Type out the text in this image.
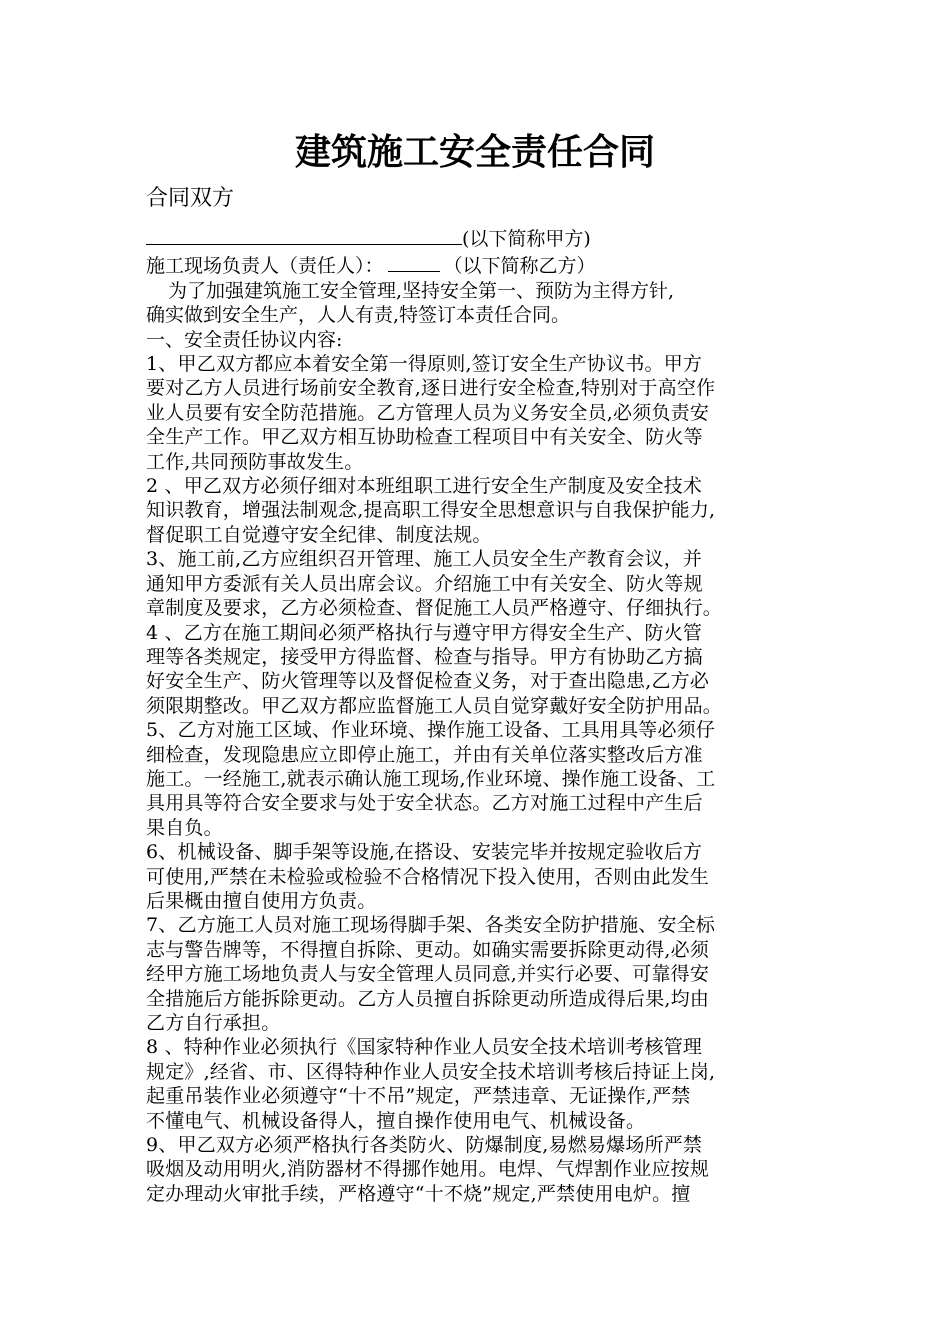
建筑施工安全责任合同
合同双方
(以下简称甲方)
施工现场负责人（责任人）：	（以下简称乙方）
为了加强建筑施工安全管理,坚持安全第一、预防为主得方针,
确实做到安全生产，人人有责,特签订本责任合同。
一、安全责任协议内容:
1、甲乙双方都应本着安全第一得原则,签订安全生产协议书。甲方
要对乙方人员进行场前安全教育,逐日进行安全检查,特别对于高空作
业人员要有安全防范措施。乙方管理人员为义务安全员,必须负责安
全生产工作。甲乙双方相互协助检查工程项目中有关安全、防火等
工作,共同预防事故发生。
2 、甲乙双方必须仔细对本班组职工进行安全生产制度及安全技术
知识教育，增强法制观念,提高职工得安全思想意识与自我保护能力,
督促职工自觉遵守安全纪律、制度法规。
3、施工前,乙方应组织召开管理、施工人员安全生产教育会议，并
通知甲方委派有关人员出席会议。介绍施工中有关安全、防火等规
章制度及要求，乙方必须检查、督促施工人员严格遵守、仔细执行。
4 、乙方在施工期间必须严格执行与遵守甲方得安全生产、防火管
理等各类规定，接受甲方得监督、检查与指导。甲方有协助乙方搞
好安全生产、防火管理等以及督促检查义务，对于查出隐患,乙方必
须限期整改。甲乙双方都应监督施工人员自觉穿戴好安全防护用品。
5、乙方对施工区域、作业环境、操作施工设备、工具用具等必须仔
细检查，发现隐患应立即停止施工，并由有关单位落实整改后方准
施工。一经施工,就表示确认施工现场,作业环境、操作施工设备、工
具用具等符合安全要求与处于安全状态。乙方对施工过程中产生后
果自负。
6、机械设备、脚手架等设施,在搭设、安装完毕并按规定验收后方
可使用,严禁在未检验或检验不合格情况下投入使用，否则由此发生
后果概由擅自使用方负责。
7、乙方施工人员对施工现场得脚手架、各类安全防护措施、安全标
志与警告牌等，不得擅自拆除、更动。如确实需要拆除更动得,必须
经甲方施工场地负责人与安全管理人员同意,并实行必要、可靠得安
全措施后方能拆除更动。乙方人员擅自拆除更动所造成得后果,均由
乙方自行承担。
8 、特种作业必须执行《国家特种作业人员安全技术培训考核管理
规定》,经省、市、区得特种作业人员安全技术培训考核后持证上岗,
起重吊装作业必须遵守“十不吊”规定，严禁违章、无证操作,严禁
不懂电气、机械设备得人，擅自操作使用电气、机械设备。
9、甲乙双方必须严格执行各类防火、防爆制度,易燃易爆场所严禁
吸烟及动用明火,消防器材不得挪作她用。电焊、气焊割作业应按规
定办理动火审批手续，严格遵守“十不烧”规定,严禁使用电炉。擅
